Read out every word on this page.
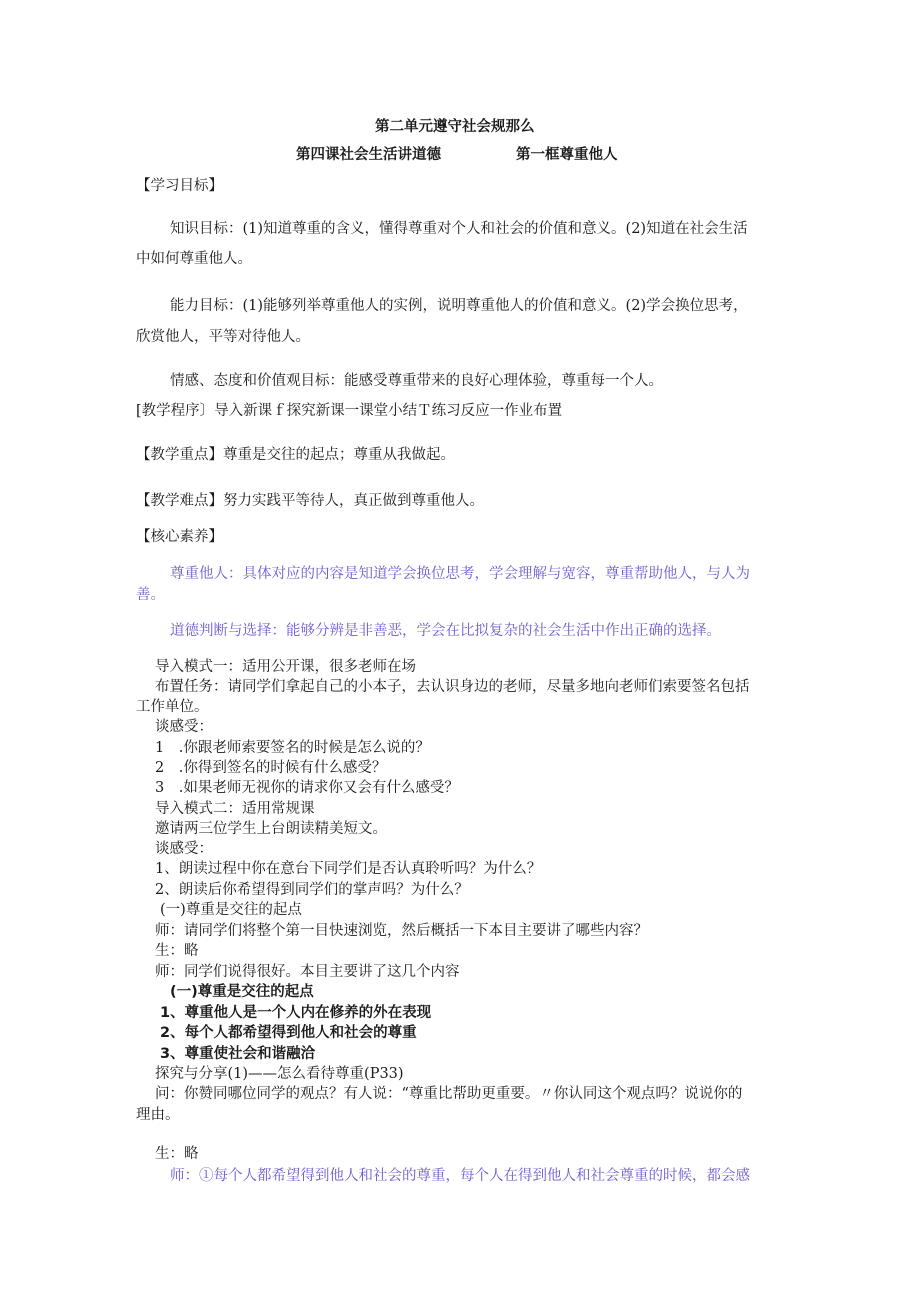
第二单元遵守社会规那么
第四课社会生活讲道德	第一框尊重他人
【学习目标】
知识目标：(1)知道尊重的含义，懂得尊重对个人和社会的价值和意义。(2)知道在社会生活
中如何尊重他人。
能力目标：(1)能够列举尊重他人的实例，说明尊重他人的价值和意义。(2)学会换位思考，
欣赏他人，平等对待他人。
情感、态度和价值观目标：能感受尊重带来的良好心理体验，尊重每一个人。
[教学程序〕导入新课ｆ探究新课一课堂小结Ｔ练习反应一作业布置
【教学重点】尊重是交往的起点；尊重从我做起。
【教学难点】努力实践平等待人，真正做到尊重他人。
【核心素养】
尊重他人：具体对应的内容是知道学会换位思考，学会理解与宽容，尊重帮助他人，与人为
善。
道德判断与选择：能够分辨是非善恶，学会在比拟复杂的社会生活中作出正确的选择。
导入模式一：适用公开课，很多老师在场
布置任务：请同学们拿起自己的小本子，去认识身边的老师，尽量多地向老师们索要签名包括
工作单位。
谈感受：
1　.你跟老师索要签名的时候是怎么说的？
2　.你得到签名的时候有什么感受？
3　.如果老师无视你的请求你又会有什么感受？
导入模式二：适用常规课
邀请两三位学生上台朗读精美短文。
谈感受：
1、朗读过程中你在意台下同学们是否认真聆听吗？为什么？
2、朗读后你希望得到同学们的掌声吗？为什么？
(一)尊重是交往的起点
师：请同学们将整个第一目快速浏览，然后概括一下本目主要讲了哪些内容？
生：略
师：同学们说得很好。本目主要讲了这几个内容
(一)尊重是交往的起点
1、尊重他人是一个人内在修养的外在表现
2、每个人都希望得到他人和社会的尊重
3、尊重使社会和谐融洽
探究与分享(1)——怎么看待尊重(P33)
问：你赞同哪位同学的观点？有人说：“尊重比帮助更重要。〃你认同这个观点吗？说说你的
理由。
生：略
师：①每个人都希望得到他人和社会的尊重，每个人在得到他人和社会尊重的时候，都会感
